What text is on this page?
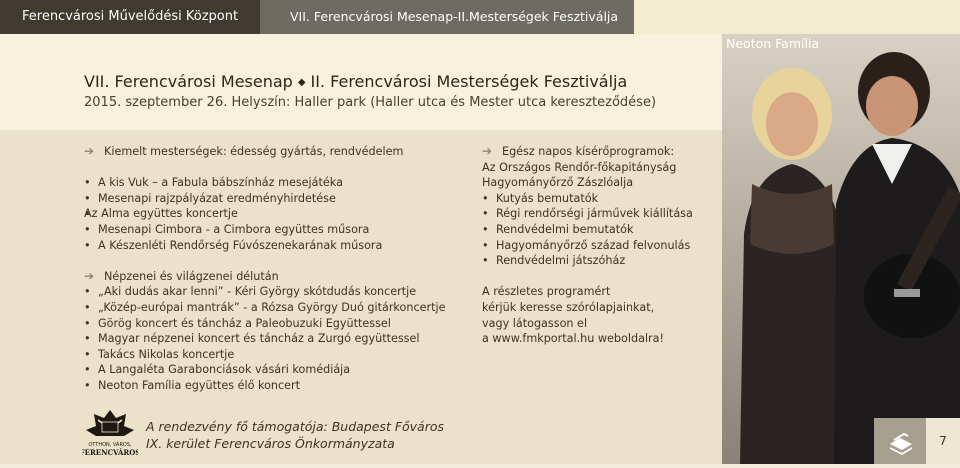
Ferencvárosi Művelődési Központ	VII. Ferencvárosi Mesenap-II.Mesterségek Fesztiválja
Neoton Família
VII. Ferencvárosi Mesenap ◆ II. Ferencvárosi Mesterségek Fesztiválja
2015. szeptember 26. Helyszín: Haller park (Haller utca és Mester utca kereszteződése)
➔ Kiemelt mesterségek: édesség gyártás, rendvédelem
• A kis Vuk – a Fabula bábszínház mesejátéka
• Mesenapi rajzpályázat eredményhirdetése
• Az Alma együttes koncertje
• Mesenapi Cimbora - a Cimbora együttes műsora
• A Készenléti Rendőrség Fúvószenekarának műsora
➔ Népzenei és világzenei délután
• „Aki dudás akar lenni” - Kéri György skótdudás koncertje
• „Közép-európai mantrák” - a Rózsa György Duó gitárkoncertje
• Görög koncert és táncház a Paleobuzuki Együttessel
• Magyar népzenei koncert és táncház a Zurgó együttessel
• Takács Nikolas koncertje
• A Langaléta Garabonciások vásári komédiája
• Neoton Família együttes élő koncert
➔ Egész napos kísérőprogramok:
Az Országos Rendőr-főkapitányság
Hagyományőrző Zászlóalja
• Kutyás bemutatók
• Régi rendőrségi járművek kiállítása
• Rendvédelmi bemutatók
• Hagyományőrző század felvonulás
• Rendvédelmi játszóház
A részletes programért
kérjük keresse szórólapjainkat,
vagy látogasson el
a www.fmkportal.hu weboldalra!
OTTHON, VÁROS,
FERENCVÁROS
A rendezvény fő támogatója: Budapest Főváros
IX. kerület Ferencváros Önkormányzata	7
